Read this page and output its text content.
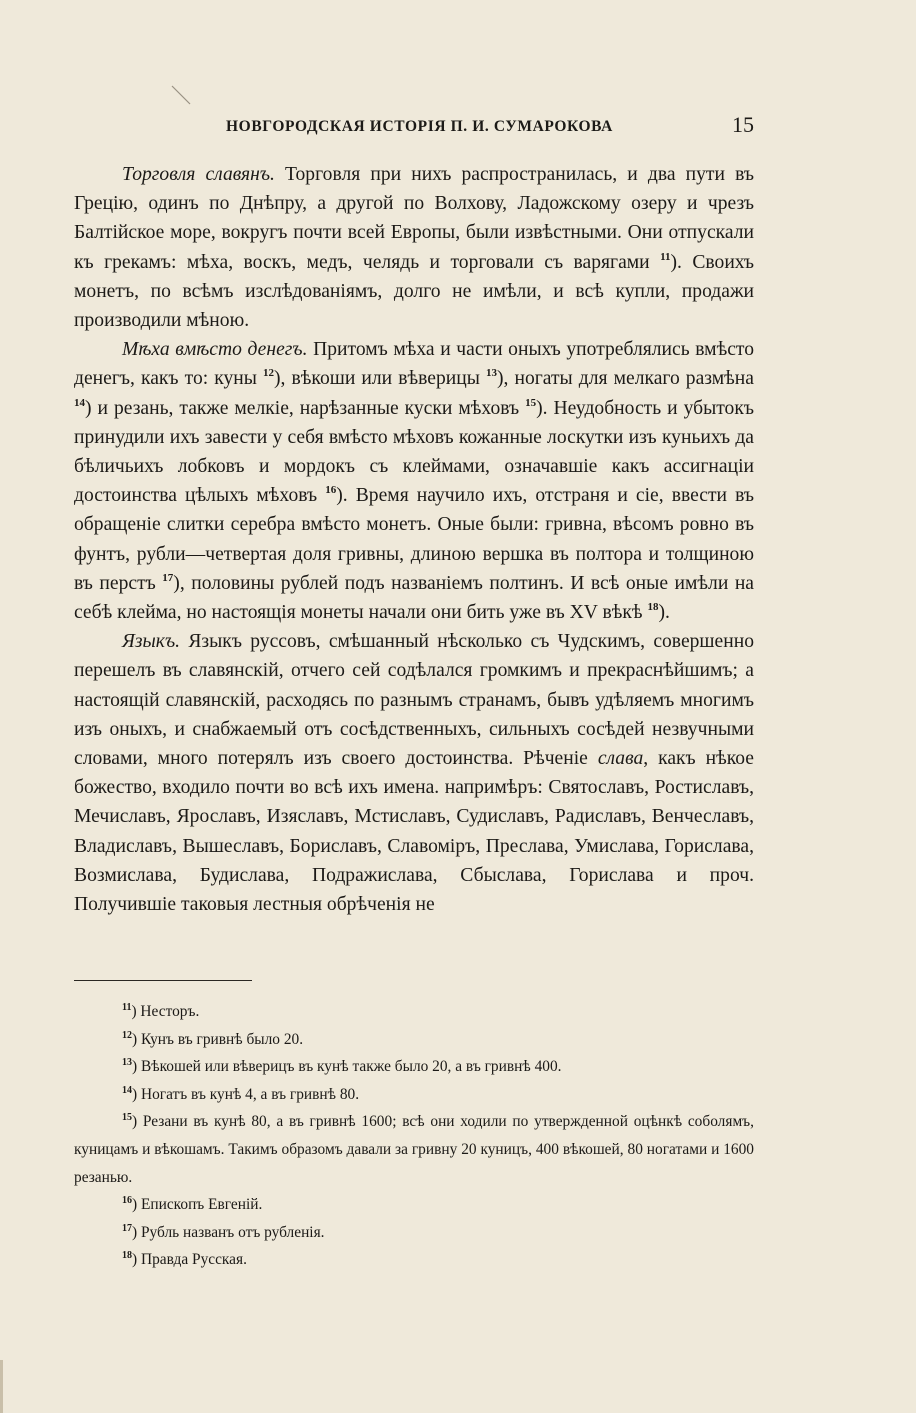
НОВГОРОДСКАЯ ИСТОРІЯ П. И. СУМАРОКОВА	15

Торговля славянъ. Торговля при нихъ распространилась, и два пути въ Грецію, одинъ по Днѣпру, а другой по Волхову, Ладожскому озеру и чрезъ Балтійское море, вокругъ почти всей Европы, были извѣстными. Они отпускали къ грекамъ: мѣха, воскъ, медъ, челядь и торговали съ варягами $^{11}$). Своихъ монетъ, по всѣмъ изслѣдованіямъ, долго не имѣли, и всѣ купли, продажи производили мѣною.

Мѣха вмѣсто денегъ. Притомъ мѣха и части оныхъ употреблялись вмѣсто денегъ, какъ то: куны $^{12}$), вѣкоши или вѣверицы $^{13}$), ногаты для мелкаго размѣна $^{14}$) и резань, также мелкіе, нарѣзанные куски мѣховъ $^{15}$). Неудобность и убытокъ принудили ихъ завести у себя вмѣсто мѣховъ кожанные лоскутки изъ куньихъ да бѣличьихъ лобковъ и мордокъ съ клеймами, означавшіе какъ ассигнаціи достоинства цѣлыхъ мѣховъ $^{16}$). Время научило ихъ, отстраня и сіе, ввести въ обращеніе слитки серебра вмѣсто монетъ. Оные были: гривна, вѣсомъ ровно въ фунтъ, рубли—четвертая доля гривны, длиною вершка въ полтора и толщиною въ перстъ $^{17}$), половины рублей подъ названіемъ полтинъ. И всѣ оные имѣли на себѣ клейма, но настоящія монеты начали они бить уже въ XV вѣкѣ $^{18}$).

Языкъ. Языкъ руссовъ, смѣшанный нѣсколько съ Чудскимъ, совершенно перешелъ въ славянскій, отчего сей содѣлался громкимъ и прекраснѣйшимъ; а настоящій славянскій, расходясь по разнымъ странамъ, бывъ удѣляемъ многимъ изъ оныхъ, и снабжаемый отъ сосѣдственныхъ, сильныхъ сосѣдей незвучными словами, много потерялъ изъ своего достоинства. Рѣченіе слава, какъ нѣкое божество, входило почти во всѣ ихъ имена. напримѣръ: Святославъ, Ростиславъ, Мечиславъ, Ярославъ, Изяславъ, Мстиславъ, Судиславъ, Радиславъ, Венчеславъ, Владиславъ, Вышеславъ, Бориславъ, Славоміръ, Преслава, Умислава, Горислава, Возмислава, Будислава, Подражислава, Сбыслава, Горислава и проч. Получившіе таковыя лестныя обрѣченія не

$^{11}$) Несторъ.

$^{12}$) Кунъ въ гривнѣ было 20.

$^{13}$) Вѣкошей или вѣверицъ въ кунѣ также было 20, а въ гривнѣ 400.

$^{14}$) Ногатъ въ кунѣ 4, а въ гривнѣ 80.

$^{15}$) Резани въ кунѣ 80, а въ гривнѣ 1600; всѣ они ходили по утвержденной оцѣнкѣ соболямъ, куницамъ и вѣкошамъ. Такимъ образомъ давали за гривну 20 куницъ, 400 вѣкошей, 80 ногатами и 1600 резанью.

$^{16}$) Епископъ Евгеній.

$^{17}$) Рубль названъ отъ рубленія.

$^{18}$) Правда Русская.
